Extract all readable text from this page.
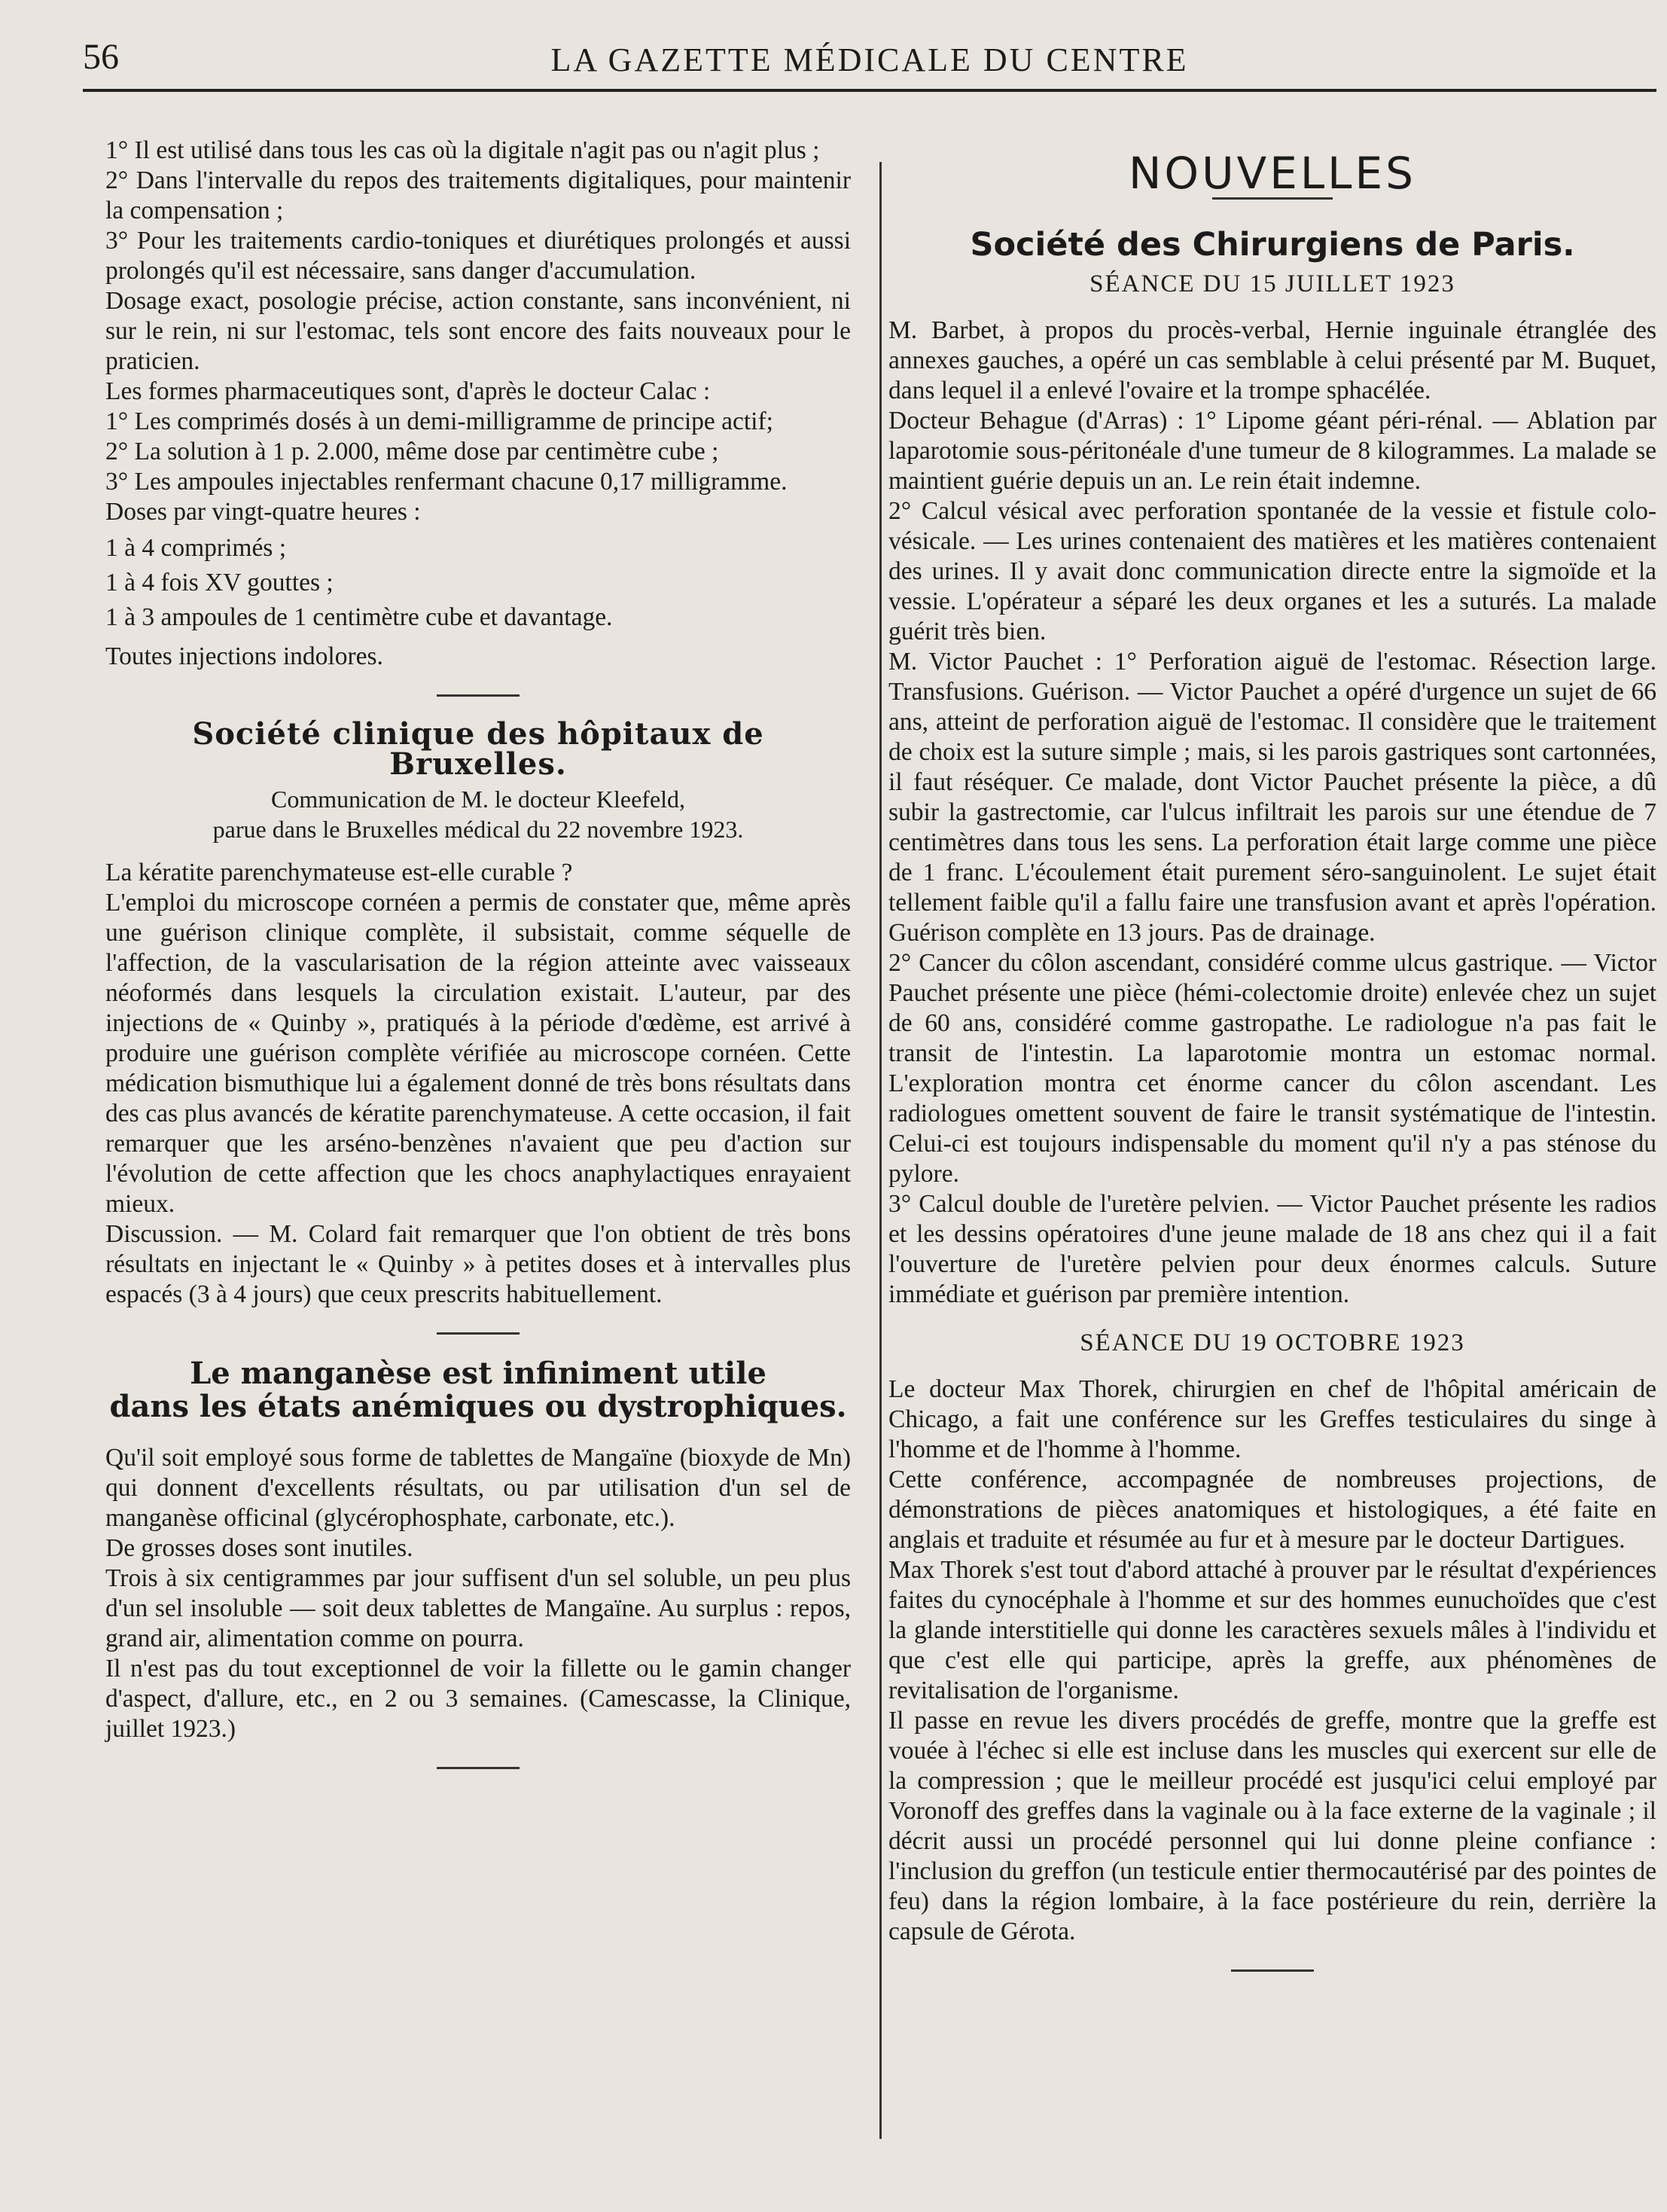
56	LA GAZETTE MÉDICALE DU CENTRE

1° Il est utilisé dans tous les cas où la digitale n'agit pas ou n'agit plus ;

2° Dans l'intervalle du repos des traitements digitaliques, pour maintenir la compensation ;

3° Pour les traitements cardio-toniques et diurétiques prolongés et aussi prolongés qu'il est nécessaire, sans danger d'accumulation.

Dosage exact, posologie précise, action constante, sans inconvénient, ni sur le rein, ni sur l'estomac, tels sont encore des faits nouveaux pour le praticien.

Les formes pharmaceutiques sont, d'après le docteur Calac :

1° Les comprimés dosés à un demi-milligramme de principe actif;

2° La solution à 1 p. 2.000, même dose par centimètre cube ;

3° Les ampoules injectables renfermant chacune 0,17 milligramme.

Doses par vingt-quatre heures :

1 à 4 comprimés ;

1 à 4 fois XV gouttes ;

1 à 3 ampoules de 1 centimètre cube et davantage.

Toutes injections indolores.

Société clinique des hôpitaux de Bruxelles.
Communication de M. le docteur Kleefeld,
parue dans le Bruxelles médical du 22 novembre 1923.

La kératite parenchymateuse est-elle curable ?

L'emploi du microscope cornéen a permis de constater que, même après une guérison clinique complète, il subsistait, comme séquelle de l'affection, de la vascularisation de la région atteinte avec vaisseaux néoformés dans lesquels la circulation existait. L'auteur, par des injections de « Quinby », pratiqués à la période d'œdème, est arrivé à produire une guérison complète vérifiée au microscope cornéen. Cette médication bismuthique lui a également donné de très bons résultats dans des cas plus avancés de kératite parenchymateuse. A cette occasion, il fait remarquer que les arséno-benzènes n'avaient que peu d'action sur l'évolution de cette affection que les chocs anaphylactiques enrayaient mieux.

Discussion. — M. Colard fait remarquer que l'on obtient de très bons résultats en injectant le « Quinby » à petites doses et à intervalles plus espacés (3 à 4 jours) que ceux prescrits habituellement.

Le manganèse est infiniment utile
dans les états anémiques ou dystrophiques.

Qu'il soit employé sous forme de tablettes de Mangaïne (bioxyde de Mn) qui donnent d'excellents résultats, ou par utilisation d'un sel de manganèse officinal (glycérophosphate, carbonate, etc.).

De grosses doses sont inutiles.

Trois à six centigrammes par jour suffisent d'un sel soluble, un peu plus d'un sel insoluble — soit deux tablettes de Mangaïne. Au surplus : repos, grand air, alimentation comme on pourra.

Il n'est pas du tout exceptionnel de voir la fillette ou le gamin changer d'aspect, d'allure, etc., en 2 ou 3 semaines. (Camescasse, la Clinique, juillet 1923.)

NOUVELLES
Société des Chirurgiens de Paris.
SÉANCE DU 15 JUILLET 1923

M. Barbet, à propos du procès-verbal, Hernie inguinale étranglée des annexes gauches, a opéré un cas semblable à celui présenté par M. Buquet, dans lequel il a enlevé l'ovaire et la trompe sphacélée.

Docteur Behague (d'Arras) : 1° Lipome géant péri-rénal. — Ablation par laparotomie sous-péritonéale d'une tumeur de 8 kilogrammes. La malade se maintient guérie depuis un an. Le rein était indemne.

2° Calcul vésical avec perforation spontanée de la vessie et fistule colo-vésicale. — Les urines contenaient des matières et les matières contenaient des urines. Il y avait donc communication directe entre la sigmoïde et la vessie. L'opérateur a séparé les deux organes et les a suturés. La malade guérit très bien.

M. Victor Pauchet : 1° Perforation aiguë de l'estomac. Résection large. Transfusions. Guérison. — Victor Pauchet a opéré d'urgence un sujet de 66 ans, atteint de perforation aiguë de l'estomac. Il considère que le traitement de choix est la suture simple ; mais, si les parois gastriques sont cartonnées, il faut réséquer. Ce malade, dont Victor Pauchet présente la pièce, a dû subir la gastrectomie, car l'ulcus infiltrait les parois sur une étendue de 7 centimètres dans tous les sens. La perforation était large comme une pièce de 1 franc. L'écoulement était purement séro-sanguinolent. Le sujet était tellement faible qu'il a fallu faire une transfusion avant et après l'opération. Guérison complète en 13 jours. Pas de drainage.

2° Cancer du côlon ascendant, considéré comme ulcus gastrique. — Victor Pauchet présente une pièce (hémi-colectomie droite) enlevée chez un sujet de 60 ans, considéré comme gastropathe. Le radiologue n'a pas fait le transit de l'intestin. La laparotomie montra un estomac normal. L'exploration montra cet énorme cancer du côlon ascendant. Les radiologues omettent souvent de faire le transit systématique de l'intestin. Celui-ci est toujours indispensable du moment qu'il n'y a pas sténose du pylore.

3° Calcul double de l'uretère pelvien. — Victor Pauchet présente les radios et les dessins opératoires d'une jeune malade de 18 ans chez qui il a fait l'ouverture de l'uretère pelvien pour deux énormes calculs. Suture immédiate et guérison par première intention.

SÉANCE DU 19 OCTOBRE 1923

Le docteur Max Thorek, chirurgien en chef de l'hôpital américain de Chicago, a fait une conférence sur les Greffes testiculaires du singe à l'homme et de l'homme à l'homme.

Cette conférence, accompagnée de nombreuses projections, de démonstrations de pièces anatomiques et histologiques, a été faite en anglais et traduite et résumée au fur et à mesure par le docteur Dartigues.

Max Thorek s'est tout d'abord attaché à prouver par le résultat d'expériences faites du cynocéphale à l'homme et sur des hommes eunuchoïdes que c'est la glande interstitielle qui donne les caractères sexuels mâles à l'individu et que c'est elle qui participe, après la greffe, aux phénomènes de revitalisation de l'organisme.

Il passe en revue les divers procédés de greffe, montre que la greffe est vouée à l'échec si elle est incluse dans les muscles qui exercent sur elle de la compression ; que le meilleur procédé est jusqu'ici celui employé par Voronoff des greffes dans la vaginale ou à la face externe de la vaginale ; il décrit aussi un procédé personnel qui lui donne pleine confiance : l'inclusion du greffon (un testicule entier thermocautérisé par des pointes de feu) dans la région lombaire, à la face postérieure du rein, derrière la capsule de Gérota.
